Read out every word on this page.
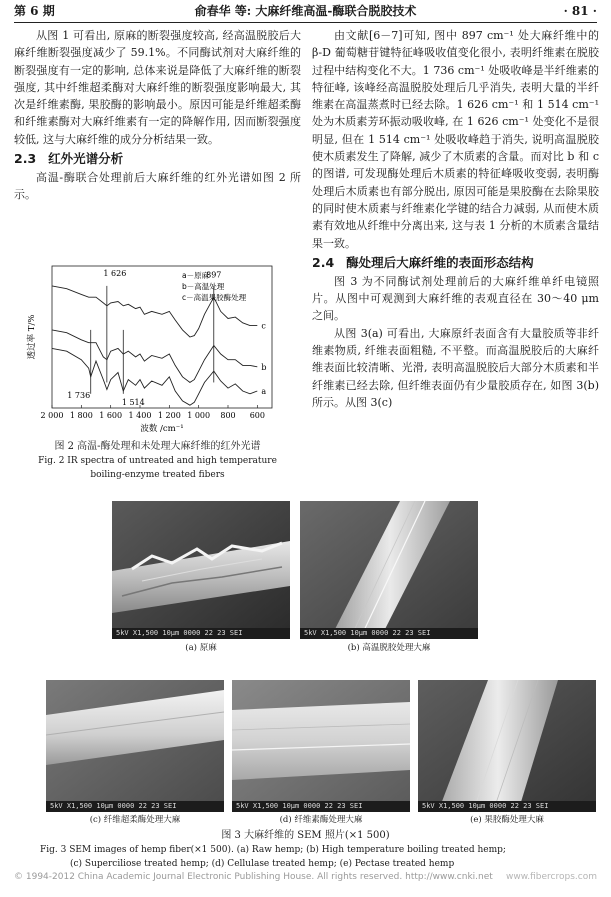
第 6 期	俞春华 等: 大麻纤维高温-酶联合脱胶技术	· 81 ·

从图 1 可看出, 原麻的断裂强度较高, 经高温脱胶后大麻纤维断裂强度减少了 59.1%。不同酶试剂对大麻纤维的断裂强度有一定的影响, 总体来说是降低了大麻纤维的断裂强度, 其中纤维超柔酶对大麻纤维的断裂强度影响最大, 其次是纤维素酶, 果胶酶的影响最小。原因可能是纤维超柔酶和纤维素酶对大麻纤维素有一定的降解作用, 因而断裂强度较低, 这与大麻纤维的成分分析结果一致。

2.3 红外光谱分析

高温-酶联合处理前后大麻纤维的红外光谱如图 2 所示。

2 000 1 800 1 600 1 400 1 200 1 000 800 600
波数 /cm⁻¹
透过率 T/%
a
b
c
1 626	897
1 736
1 514
a－原麻
b－高温处理
c－高温果胶酶处理
图 2 高温-酶处理和未处理大麻纤维的红外光谱
Fig. 2 IR spectra of untreated and high temperature boiling-enzyme treated fibers

由文献[6－7]可知, 图中 897 cm⁻¹ 处大麻纤维中的 β-D 葡萄糖苷键特征峰吸收值变化很小, 表明纤维素在脱胶过程中结构变化不大。1 736 cm⁻¹ 处吸收峰是半纤维素的特征峰, 该峰经高温脱胶处理后几乎消失, 表明大量的半纤维素在高温蒸煮时已经去除。1 626 cm⁻¹ 和 1 514 cm⁻¹ 处为木质素芳环振动吸收峰, 在 1 626 cm⁻¹ 处变化不是很明显, 但在 1 514 cm⁻¹ 处吸收峰趋于消失, 说明高温脱胶使木质素发生了降解, 减少了木质素的含量。而对比 b 和 c 的图谱, 可发现酶处理后木质素的特征峰吸收变弱, 表明酶处理后木质素也有部分脱出, 原因可能是果胶酶在去除果胶的同时使木质素与纤维素化学键的结合力减弱, 从而使木质素有效地从纤维中分离出来, 这与表 1 分析的木质素含量结果一致。

2.4 酶处理后大麻纤维的表面形态结构

图 3 为不同酶试剂处理前后的大麻纤维单纤电镜照片。从图中可观测到大麻纤维的表观直径在 30～40 μm 之间。

从图 3(a) 可看出, 大麻原纤表面含有大量胶质等非纤维素物质, 纤维表面粗糙, 不平整。而高温脱胶后的大麻纤维表面比较清晰、光滑, 表明高温脱胶后大部分木质素和半纤维素已经去除, 但纤维表面仍有少量胶质存在, 如图 3(b) 所示。从图 3(c)

5kV X1,500 10μm 0000 22 23 SEI
(a) 原麻
5kV X1,500 10μm 0000 22 23 SEI
(b) 高温脱胶处理大麻
5kV X1,500 10μm 0000 22 23 SEI
(c) 纤维超柔酶处理大麻
5kV X1,500 10μm 0000 22 23 SEI
(d) 纤维素酶处理大麻
5kV X1,500 10μm 0000 22 23 SEI
(e) 果胶酶处理大麻
图 3 大麻纤维的 SEM 照片(×1 500)
Fig. 3 SEM images of hemp fiber(×1 500). (a) Raw hemp; (b) High temperature boiling treated hemp;
(c) Superciliose treated hemp; (d) Cellulase treated hemp; (e) Pectase treated hemp
© 1994-2012 China Academic Journal Electronic Publishing House. All rights reserved. http://www.cnki.net www.fibercrops.com
